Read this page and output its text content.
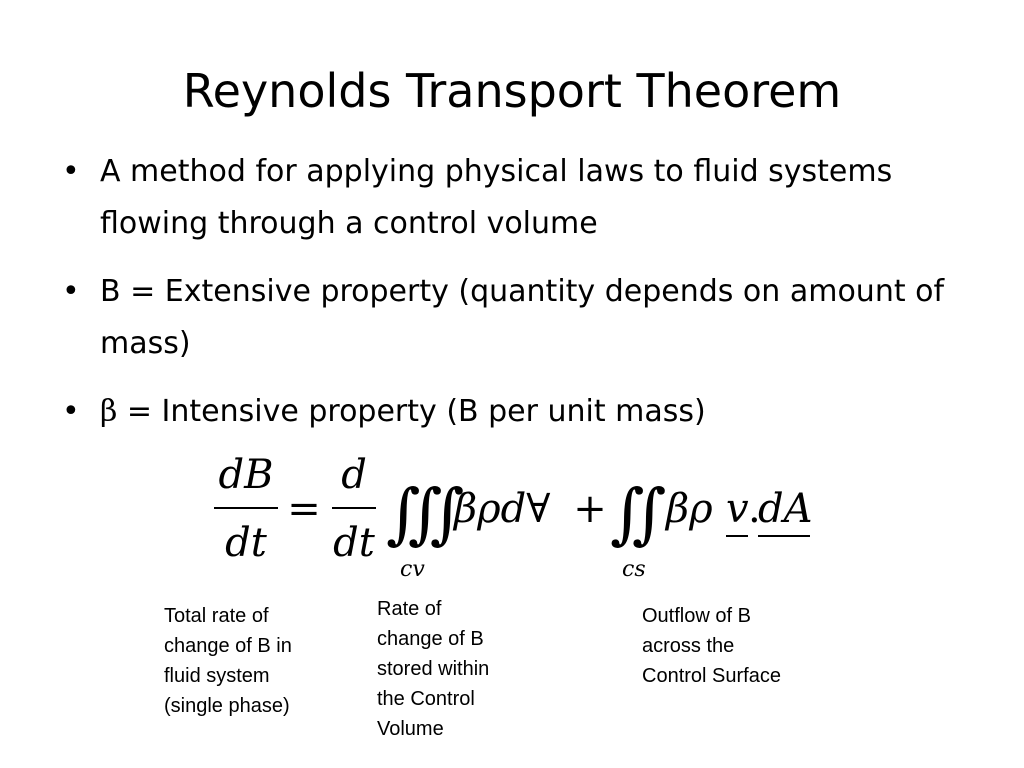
Reynolds Transport Theorem
• A method for applying physical laws to fluid systems flowing through a control volume
• B = Extensive property (quantity depends on amount of mass)
• β = Intensive property (B per unit mass)
dB
dt
=
d
dt ∭
cv
βρd∀ + ∬
cs
βρ v .
dA
Total rate of
change of B in
fluid system
(single phase)
Rate of
change of B
stored within
the Control
Volume
Outflow of B
across the
Control Surface
